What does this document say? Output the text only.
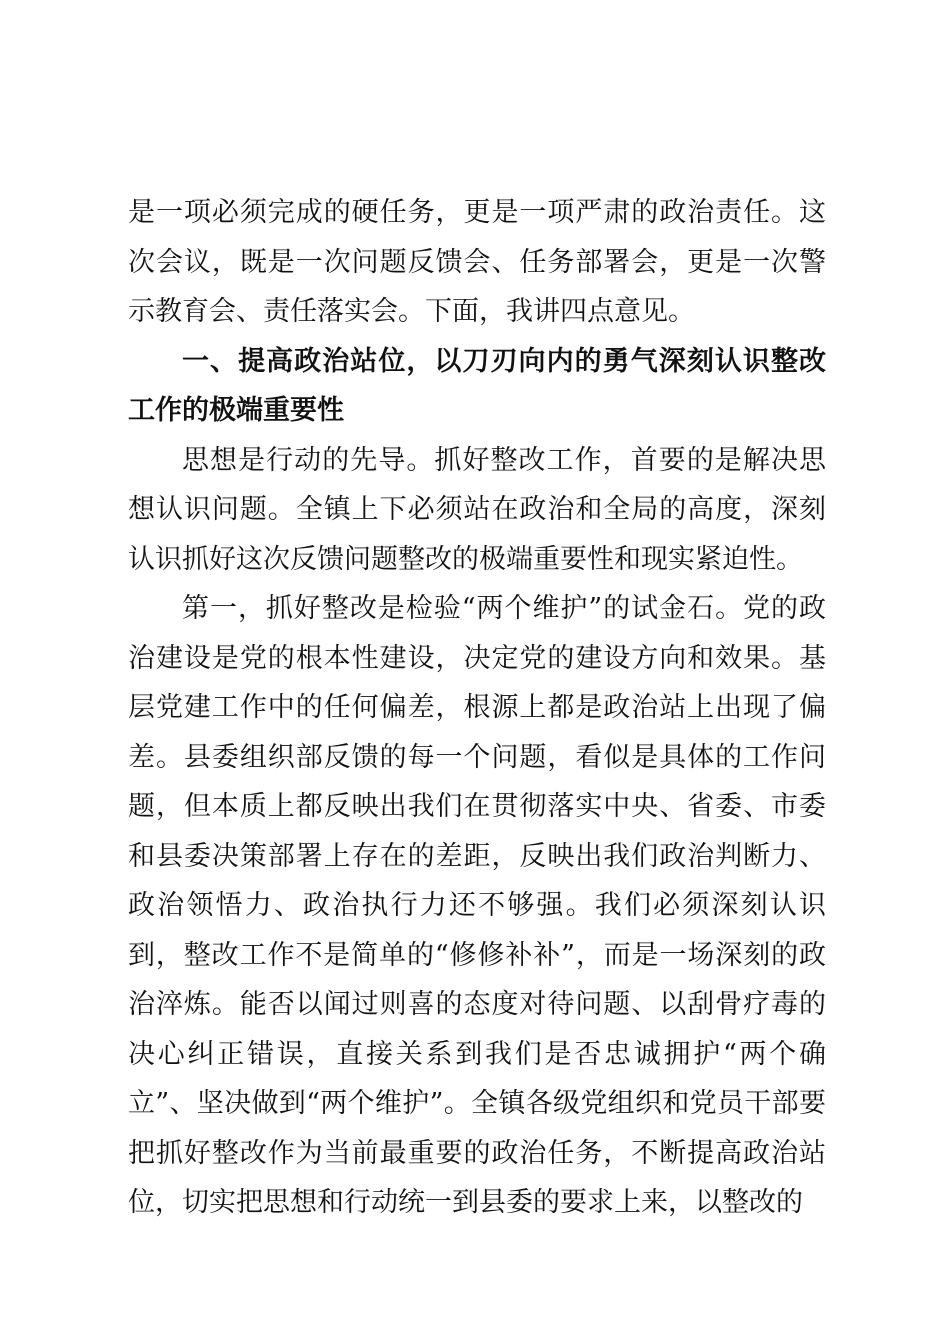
是一项必须完成的硬任务，更是一项严肃的政治责任。这次会议，既是一次问题反馈会、任务部署会，更是一次警示教育会、责任落实会。下面，我讲四点意见。

一、提高政治站位，以刀刃向内的勇气深刻认识整改工作的极端重要性

思想是行动的先导。抓好整改工作，首要的是解决思想认识问题。全镇上下必须站在政治和全局的高度，深刻认识抓好这次反馈问题整改的极端重要性和现实紧迫性。

第一，抓好整改是检验“两个维护”的试金石。党的政治建设是党的根本性建设，决定党的建设方向和效果。基层党建工作中的任何偏差，根源上都是政治站上出现了偏差。县委组织部反馈的每一个问题，看似是具体的工作问题，但本质上都反映出我们在贯彻落实中央、省委、市委和县委决策部署上存在的差距，反映出我们政治判断力、政治领悟力、政治执行力还不够强。我们必须深刻认识到，整改工作不是简单的“修修补补”，而是一场深刻的政治淬炼。能否以闻过则喜的态度对待问题、以刮骨疗毒的决心纠正错误，直接关系到我们是否忠诚拥护“两个确立”、坚决做到“两个维护”。全镇各级党组织和党员干部要把抓好整改作为当前最重要的政治任务，不断提高政治站位，切实把思想和行动统一到县委的要求上来，以整改的
